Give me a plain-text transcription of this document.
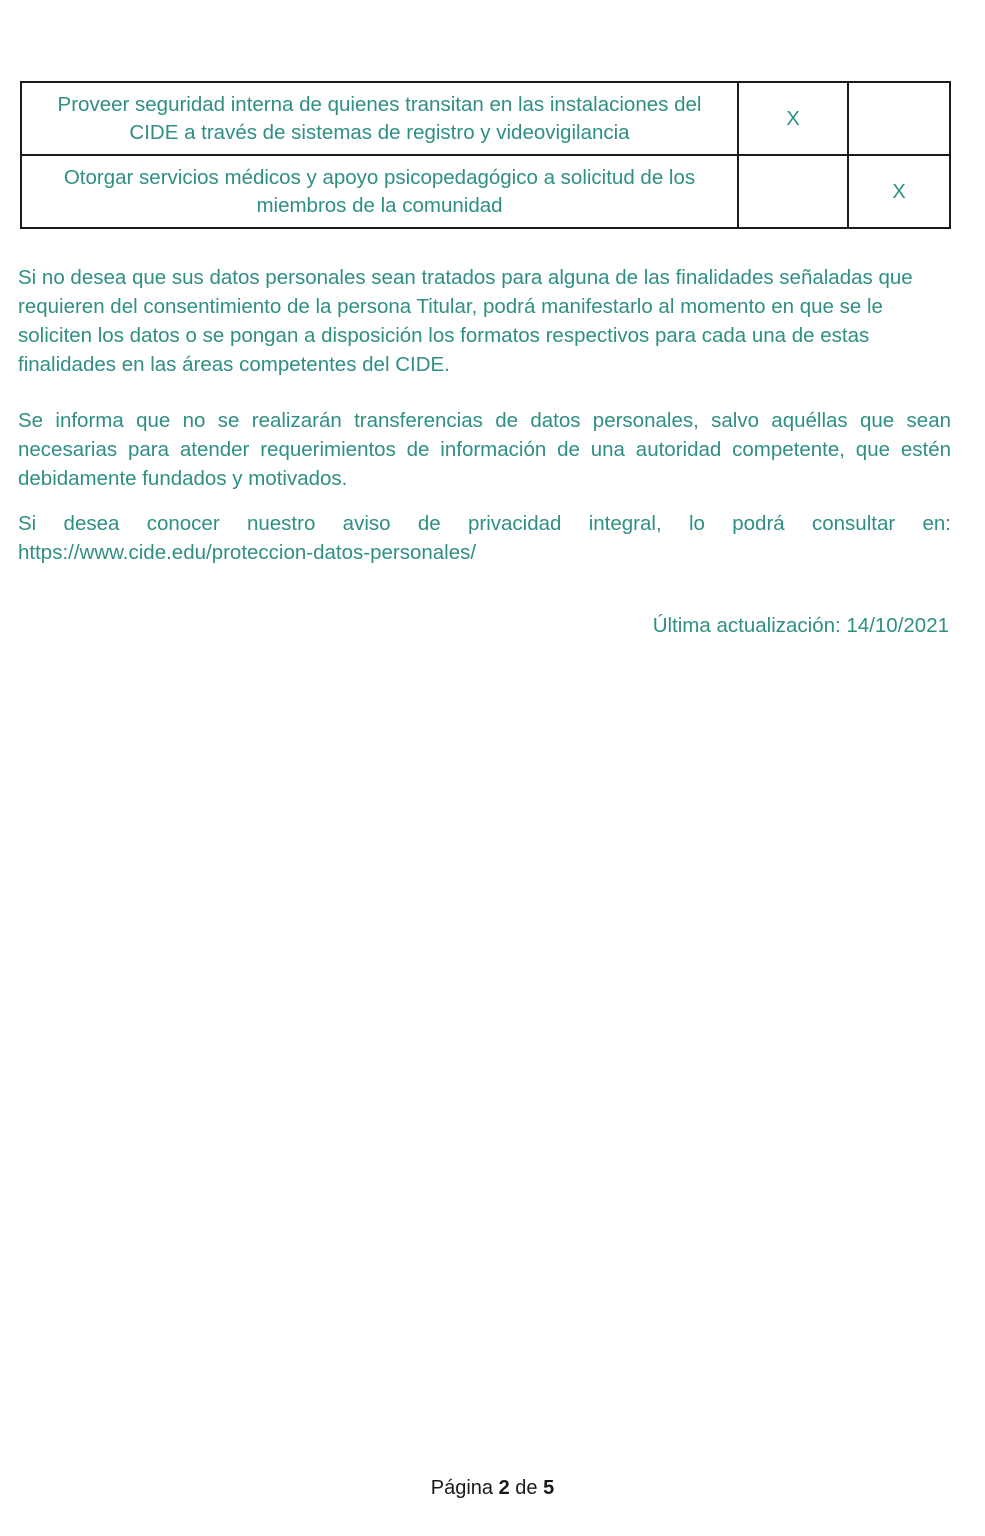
Proveer seguridad interna de quienes transitan en las instalaciones del CIDE a través de sistemas de registro y videovigilancia	X	
Otorgar servicios médicos y apoyo psicopedagógico a solicitud de los miembros de la comunidad		X

Si no desea que sus datos personales sean tratados para alguna de las finalidades señaladas que requieren del consentimiento de la persona Titular, podrá manifestarlo al momento en que se le soliciten los datos o se pongan a disposición los formatos respectivos para cada una de estas finalidades en las áreas competentes del CIDE.

Se informa que no se realizarán transferencias de datos personales, salvo aquéllas que sean necesarias para atender requerimientos de información de una autoridad competente, que estén debidamente fundados y motivados.

Si desea conocer nuestro aviso de privacidad integral, lo podrá consultar en: https://www.cide.edu/proteccion-datos-personales/

Última actualización: 14/10/2021
Página 2 de 5
